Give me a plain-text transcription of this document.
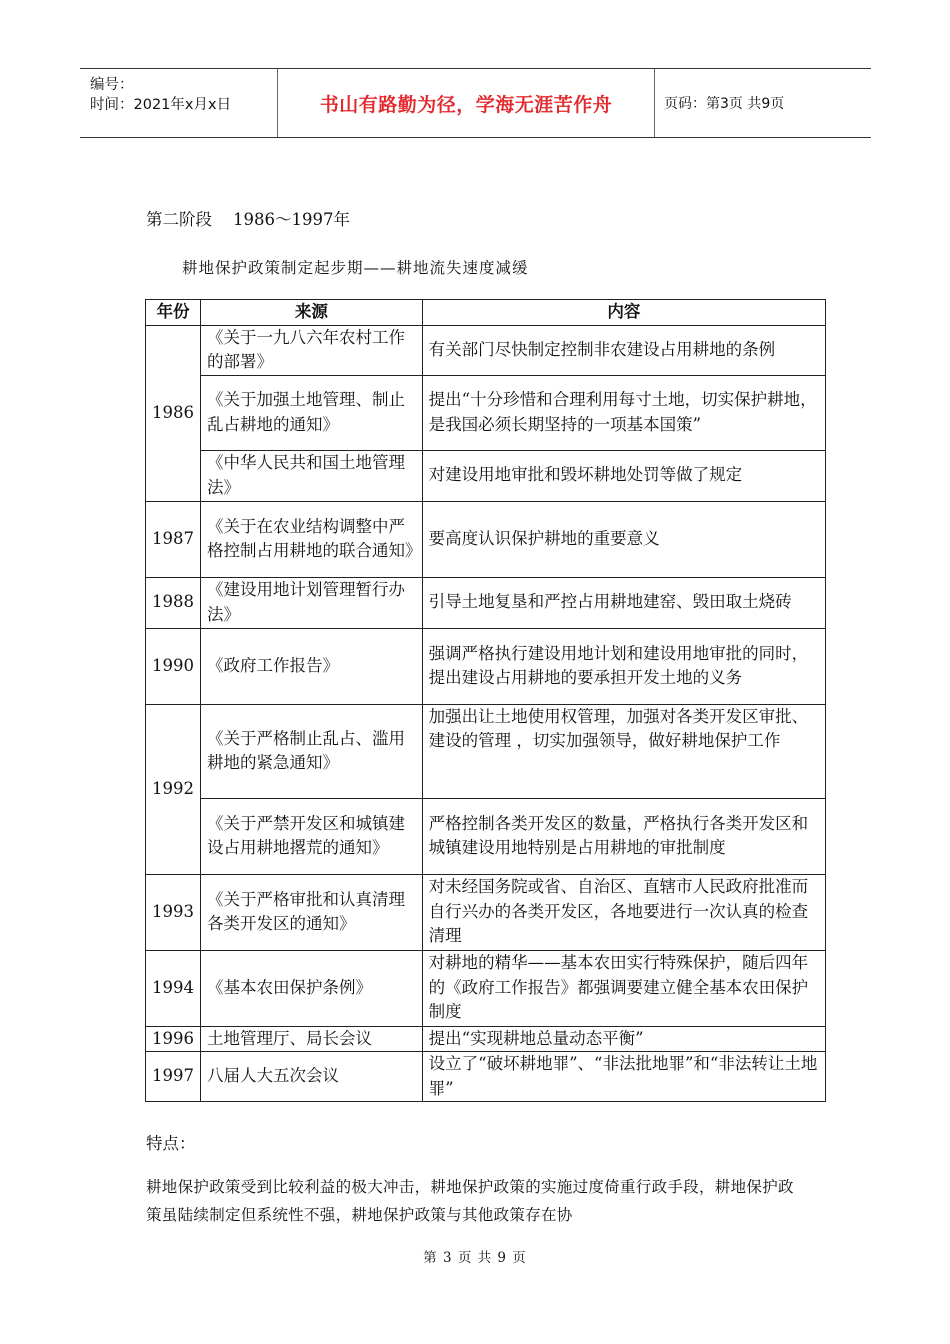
编号：
时间：2021年x月x日	书山有路勤为径，学海无涯苦作舟	页码：第3页 共9页
第二阶段    1986～1997年
耕地保护政策制定起步期——耕地流失速度减缓
年份	来源	内容
1986	《关于一九八六年农村工作的部署》	有关部门尽快制定控制非农建设占用耕地的条例
	《关于加强土地管理、制止乱占耕地的通知》	提出“十分珍惜和合理利用每寸土地，切实保护耕地，是我国必须长期坚持的一项基本国策”
	《中华人民共和国土地管理法》	对建设用地审批和毁坏耕地处罚等做了规定
1987	《关于在农业结构调整中严格控制占用耕地的联合通知》	要高度认识保护耕地的重要意义
1988	《建设用地计划管理暂行办法》	引导土地复垦和严控占用耕地建窑、毁田取土烧砖
1990	《政府工作报告》	强调严格执行建设用地计划和建设用地审批的同时，提出建设占用耕地的要承担开发土地的义务
1992	《关于严格制止乱占、滥用耕地的紧急通知》	加强出让土地使用权管理，加强对各类开发区审批、建设的管理 ，切实加强领导，做好耕地保护工作
	《关于严禁开发区和城镇建设占用耕地撂荒的通知》	严格控制各类开发区的数量，严格执行各类开发区和城镇建设用地特别是占用耕地的审批制度
1993	《关于严格审批和认真清理各类开发区的通知》	对未经国务院或省、自治区、直辖市人民政府批准而自行兴办的各类开发区，各地要进行一次认真的检查清理
1994	《基本农田保护条例》	对耕地的精华——基本农田实行特殊保护，随后四年的《政府工作报告》都强调要建立健全基本农田保护制度
1996	土地管理厅、局长会议	提出“实现耕地总量动态平衡”
1997	八届人大五次会议	设立了“破坏耕地罪”、“非法批地罪”和“非法转让土地罪”
特点：
耕地保护政策受到比较利益的极大冲击，耕地保护政策的实施过度倚重行政手段，耕地保护政策虽陆续制定但系统性不强，耕地保护政策与其他政策存在协
第 3 页 共 9 页
